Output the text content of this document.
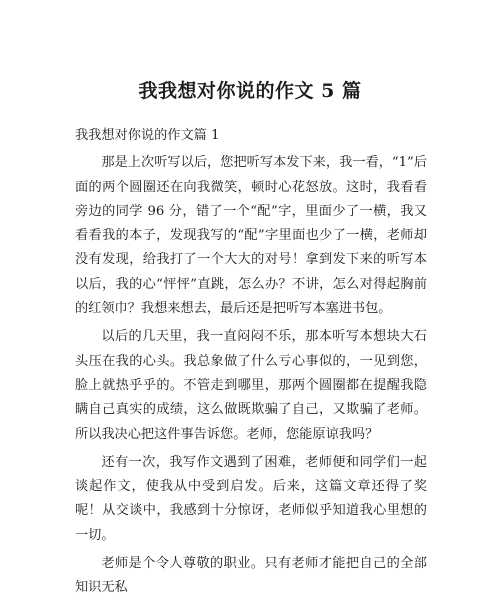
我我想对你说的作文 5 篇

我我想对你说的作文篇 1

那是上次听写以后，您把听写本发下来，我一看，“1”后面的两个圆圈还在向我微笑，顿时心花怒放。这时，我看看旁边的同学 96 分，错了一个“配”字，里面少了一横，我又看看我的本子，发现我写的“配”字里面也少了一横，老师却没有发现，给我打了一个大大的对号！拿到发下来的听写本以后，我的心“怦怦”直跳，怎么办？不讲，怎么对得起胸前的红领巾？我想来想去，最后还是把听写本塞进书包。

以后的几天里，我一直闷闷不乐，那本听写本想块大石头压在我的心头。我总象做了什么亏心事似的，一见到您，脸上就热乎乎的。不管走到哪里，那两个圆圈都在提醒我隐瞒自己真实的成绩，这么做既欺骗了自己，又欺骗了老师。所以我决心把这件事告诉您。老师，您能原谅我吗？

还有一次，我写作文遇到了困难，老师便和同学们一起谈起作文，使我从中受到启发。后来，这篇文章还得了奖呢！从交谈中，我感到十分惊讶，老师似乎知道我心里想的一切。

老师是个令人尊敬的职业。只有老师才能把自己的全部知识无私
